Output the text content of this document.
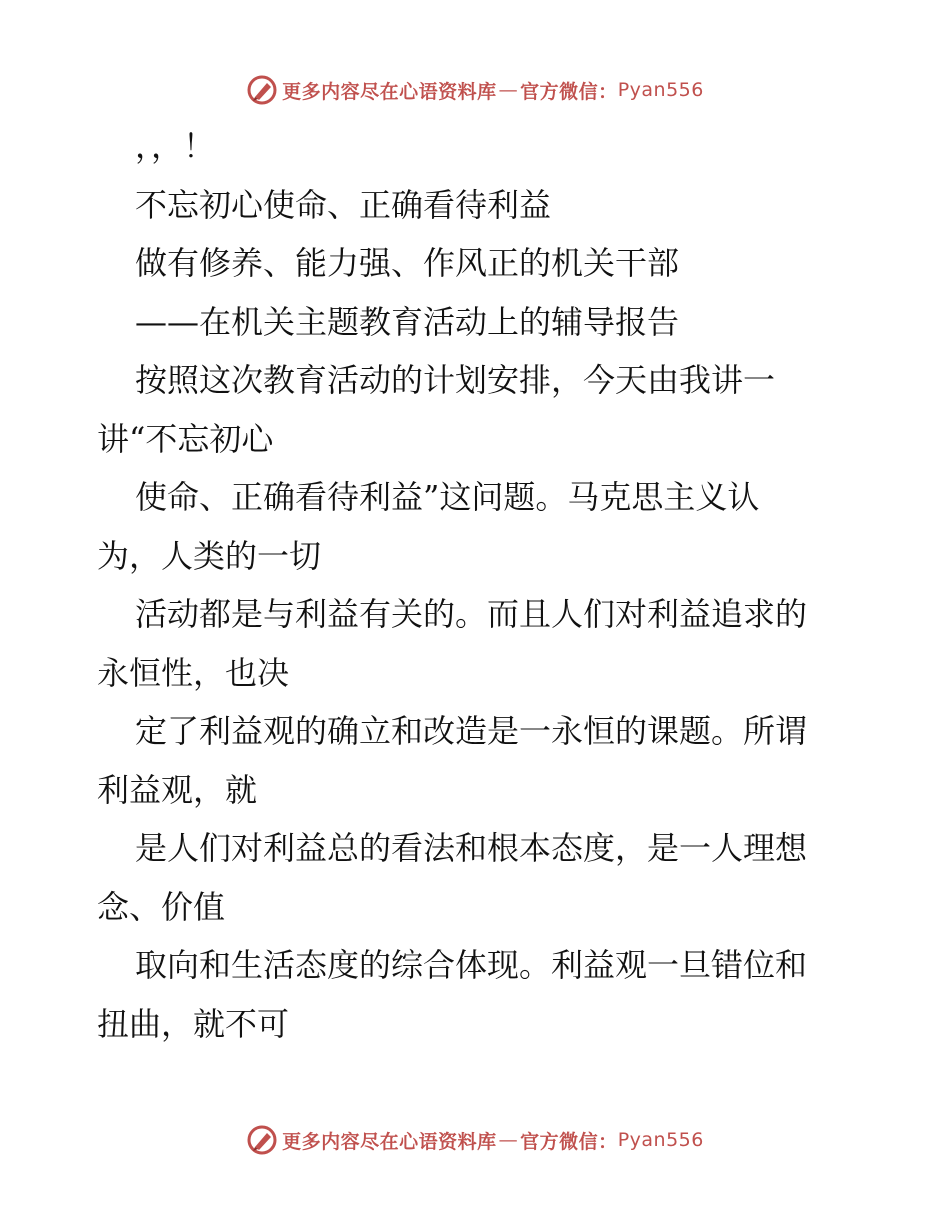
更多内容尽在心语资料库 — 官方微信： Pyan556
，，！
不忘初心使命、正确看待利益
做有修养、能力强、作风正的机关干部
——在机关主题教育活动上的辅导报告
按照这次教育活动的计划安排，今天由我讲一
讲“不忘初心
使命、正确看待利益”这问题。马克思主义认
为，人类的一切
活动都是与利益有关的。而且人们对利益追求的
永恒性，也决
定了利益观的确立和改造是一永恒的课题。所谓
利益观，就
是人们对利益总的看法和根本态度，是一人理想
念、价值
取向和生活态度的综合体现。利益观一旦错位和
扭曲，就不可
更多内容尽在心语资料库 — 官方微信： Pyan556
